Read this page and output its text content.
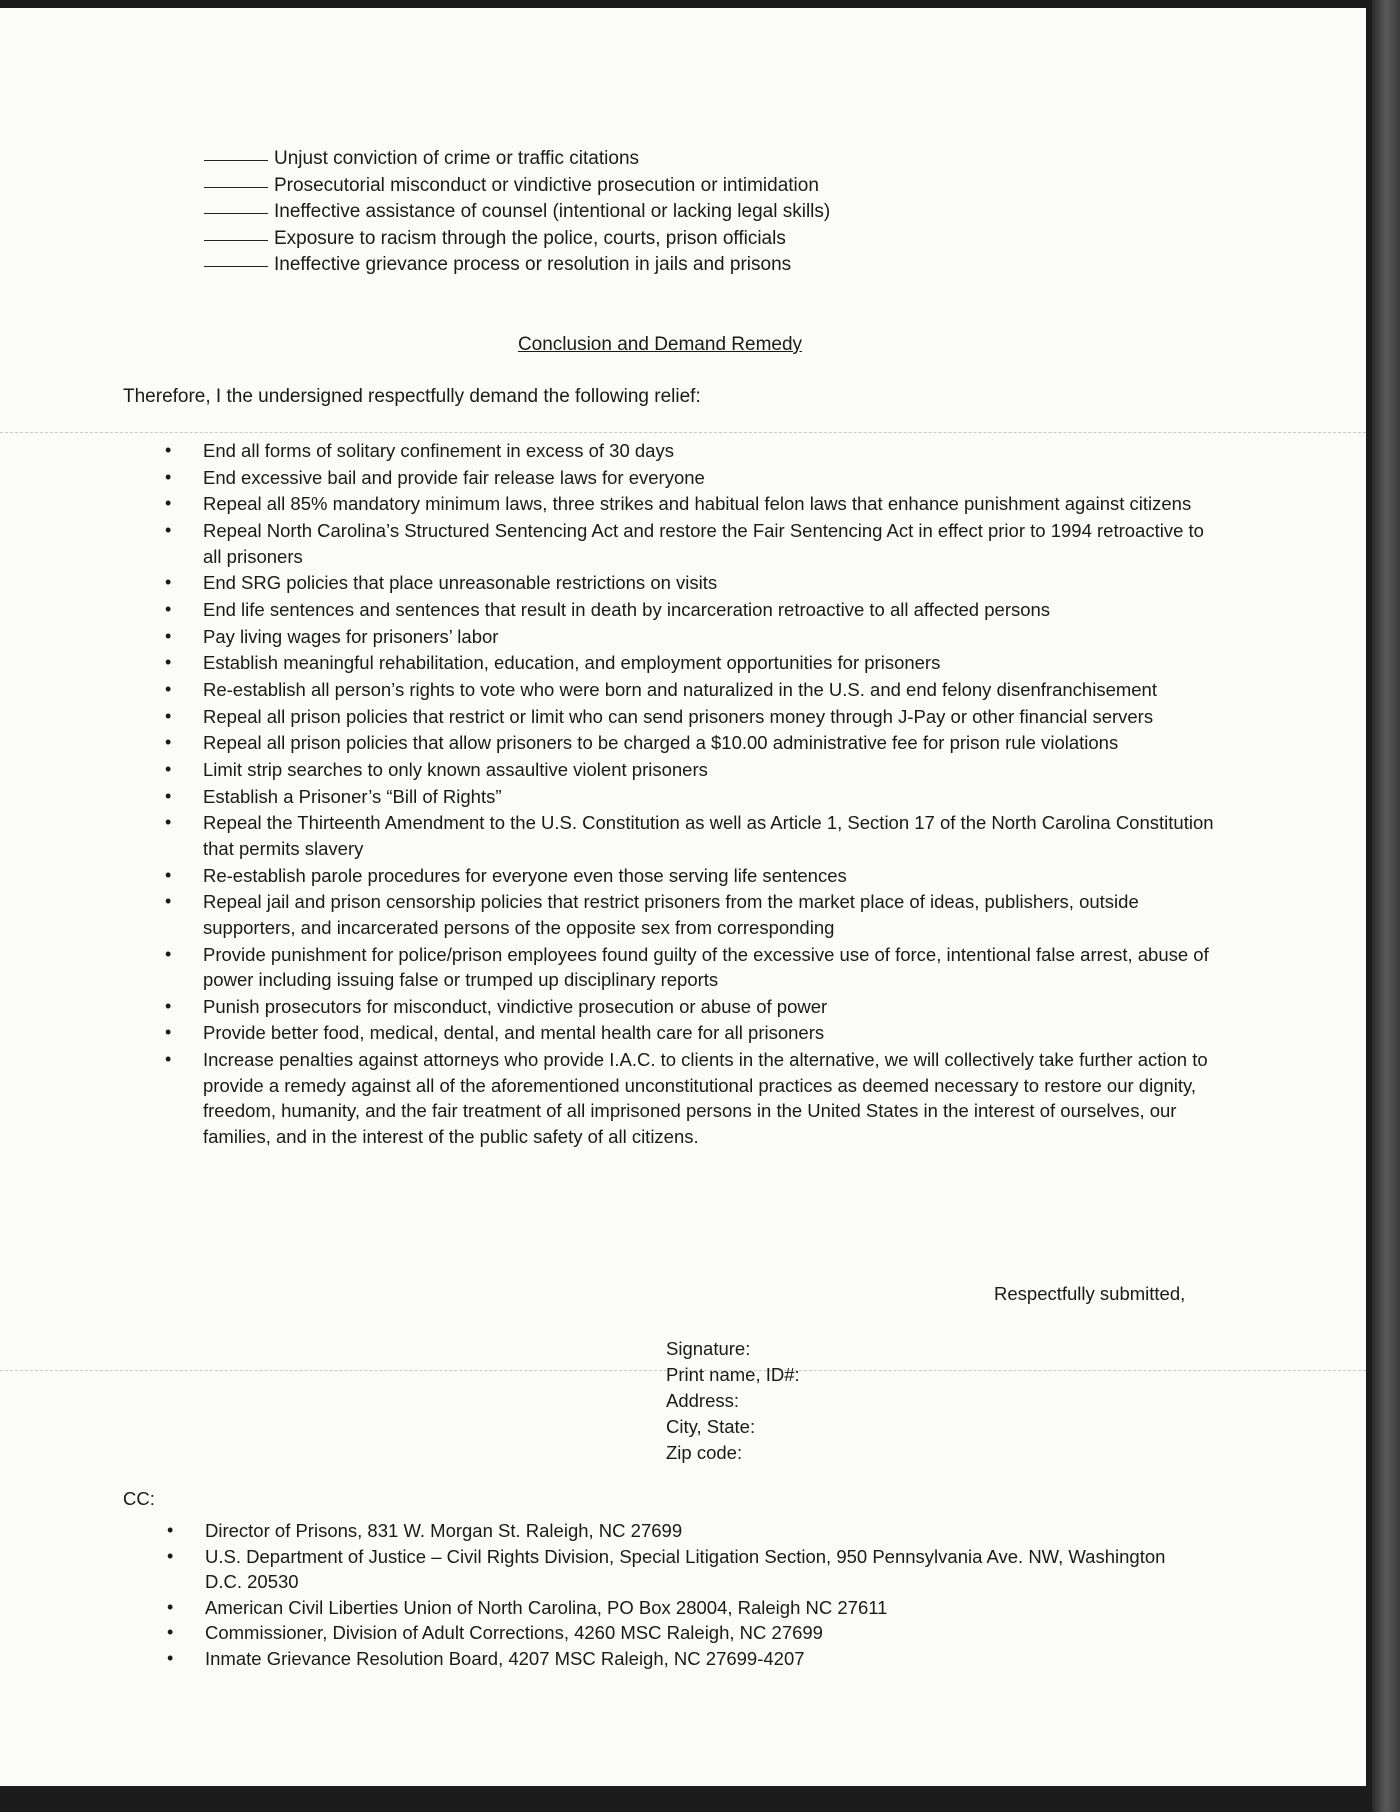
Unjust conviction of crime or traffic citations
Prosecutorial misconduct or vindictive prosecution or intimidation
Ineffective assistance of counsel (intentional or lacking legal skills)
Exposure to racism through the police, courts, prison officials
Ineffective grievance process or resolution in jails and prisons
Conclusion and Demand Remedy
Therefore, I the undersigned respectfully demand the following relief:
• End all forms of solitary confinement in excess of 30 days
• End excessive bail and provide fair release laws for everyone
• Repeal all 85% mandatory minimum laws, three strikes and habitual felon laws that enhance punishment against citizens
• Repeal North Carolina’s Structured Sentencing Act and restore the Fair Sentencing Act in effect prior to 1994 retroactive to all prisoners
• End SRG policies that place unreasonable restrictions on visits
• End life sentences and sentences that result in death by incarceration retroactive to all affected persons
• Pay living wages for prisoners’ labor
• Establish meaningful rehabilitation, education, and employment opportunities for prisoners
• Re-establish all person’s rights to vote who were born and naturalized in the U.S. and end felony disenfranchisement
• Repeal all prison policies that restrict or limit who can send prisoners money through J-Pay or other financial servers
• Repeal all prison policies that allow prisoners to be charged a $10.00 administrative fee for prison rule violations
• Limit strip searches to only known assaultive violent prisoners
• Establish a Prisoner’s “Bill of Rights”
• Repeal the Thirteenth Amendment to the U.S. Constitution as well as Article 1, Section 17 of the North Carolina Constitution that permits slavery
• Re-establish parole procedures for everyone even those serving life sentences
• Repeal jail and prison censorship policies that restrict prisoners from the market place of ideas, publishers, outside supporters, and incarcerated persons of the opposite sex from corresponding
• Provide punishment for police/prison employees found guilty of the excessive use of force, intentional false arrest, abuse of power including issuing false or trumped up disciplinary reports
• Punish prosecutors for misconduct, vindictive prosecution or abuse of power
• Provide better food, medical, dental, and mental health care for all prisoners
• Increase penalties against attorneys who provide I.A.C. to clients in the alternative, we will collectively take further action to provide a remedy against all of the aforementioned unconstitutional practices as deemed necessary to restore our dignity, freedom, humanity, and the fair treatment of all imprisoned persons in the United States in the interest of ourselves, our families, and in the interest of the public safety of all citizens.
Respectfully submitted,
Signature:
Print name, ID#:
Address:
City, State:
Zip code:
CC:
• Director of Prisons, 831 W. Morgan St. Raleigh, NC 27699
• U.S. Department of Justice – Civil Rights Division, Special Litigation Section, 950 Pennsylvania Ave. NW, Washington D.C. 20530
• American Civil Liberties Union of North Carolina, PO Box 28004, Raleigh NC 27611
• Commissioner, Division of Adult Corrections, 4260 MSC Raleigh, NC 27699
• Inmate Grievance Resolution Board, 4207 MSC Raleigh, NC 27699-4207
